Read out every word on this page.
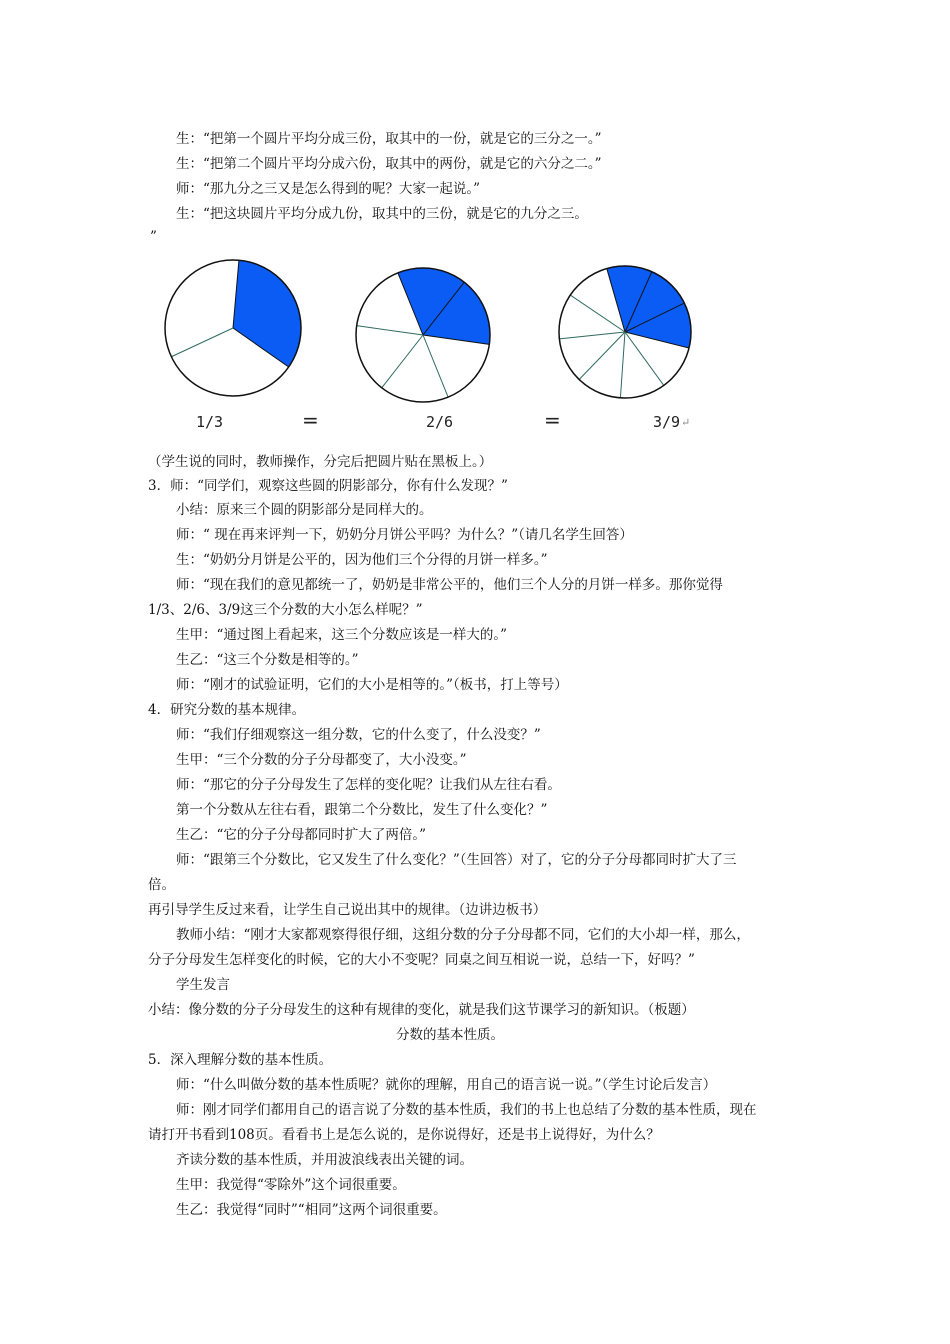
生：“把第一个圆片平均分成三份，取其中的一份，就是它的三分之一。”
生：“把第二个圆片平均分成六份，取其中的两份，就是它的六分之二。”
师：“那九分之三又是怎么得到的呢？大家一起说。”
生：“把这块圆片平均分成九份，取其中的三份，就是它的九分之三。
”
1/3	=	2/6	=	3/9 ↵
（学生说的同时，教师操作，分完后把圆片贴在黑板上。）
3．师：“同学们，观察这些圆的阴影部分，你有什么发现？”
小结：原来三个圆的阴影部分是同样大的。
师：“ 现在再来评判一下，奶奶分月饼公平吗？为什么？”（请几名学生回答）
生：“奶奶分月饼是公平的，因为他们三个分得的月饼一样多。”
师：“现在我们的意见都统一了，奶奶是非常公平的，他们三个人分的月饼一样多。那你觉得
1/3、2/6、3/9这三个分数的大小怎么样呢？”
生甲：“通过图上看起来，这三个分数应该是一样大的。”
生乙：“这三个分数是相等的。”
师：“刚才的试验证明，它们的大小是相等的。”（板书，打上等号）
4．研究分数的基本规律。
师：“我们仔细观察这一组分数，它的什么变了，什么没变？”
生甲：“三个分数的分子分母都变了，大小没变。”
师：“那它的分子分母发生了怎样的变化呢？让我们从左往右看。
第一个分数从左往右看，跟第二个分数比，发生了什么变化？”
生乙：“它的分子分母都同时扩大了两倍。”
师：“跟第三个分数比，它又发生了什么变化？”（生回答）对了，它的分子分母都同时扩大了三
倍。
再引导学生反过来看，让学生自己说出其中的规律。（边讲边板书）
教师小结：“刚才大家都观察得很仔细，这组分数的分子分母都不同，它们的大小却一样，那么，
分子分母发生怎样变化的时候，它的大小不变呢？同桌之间互相说一说，总结一下，好吗？”
学生发言
小结：像分数的分子分母发生的这种有规律的变化，就是我们这节课学习的新知识。（板题）
分数的基本性质。
5．深入理解分数的基本性质。
师：“什么叫做分数的基本性质呢？就你的理解，用自己的语言说一说。”（学生讨论后发言）
师：刚才同学们都用自己的语言说了分数的基本性质，我们的书上也总结了分数的基本性质，现在
请打开书看到108页。看看书上是怎么说的，是你说得好，还是书上说得好，为什么？
齐读分数的基本性质，并用波浪线表出关键的词。
生甲：我觉得“零除外”这个词很重要。
生乙：我觉得“同时”“相同”这两个词很重要。
